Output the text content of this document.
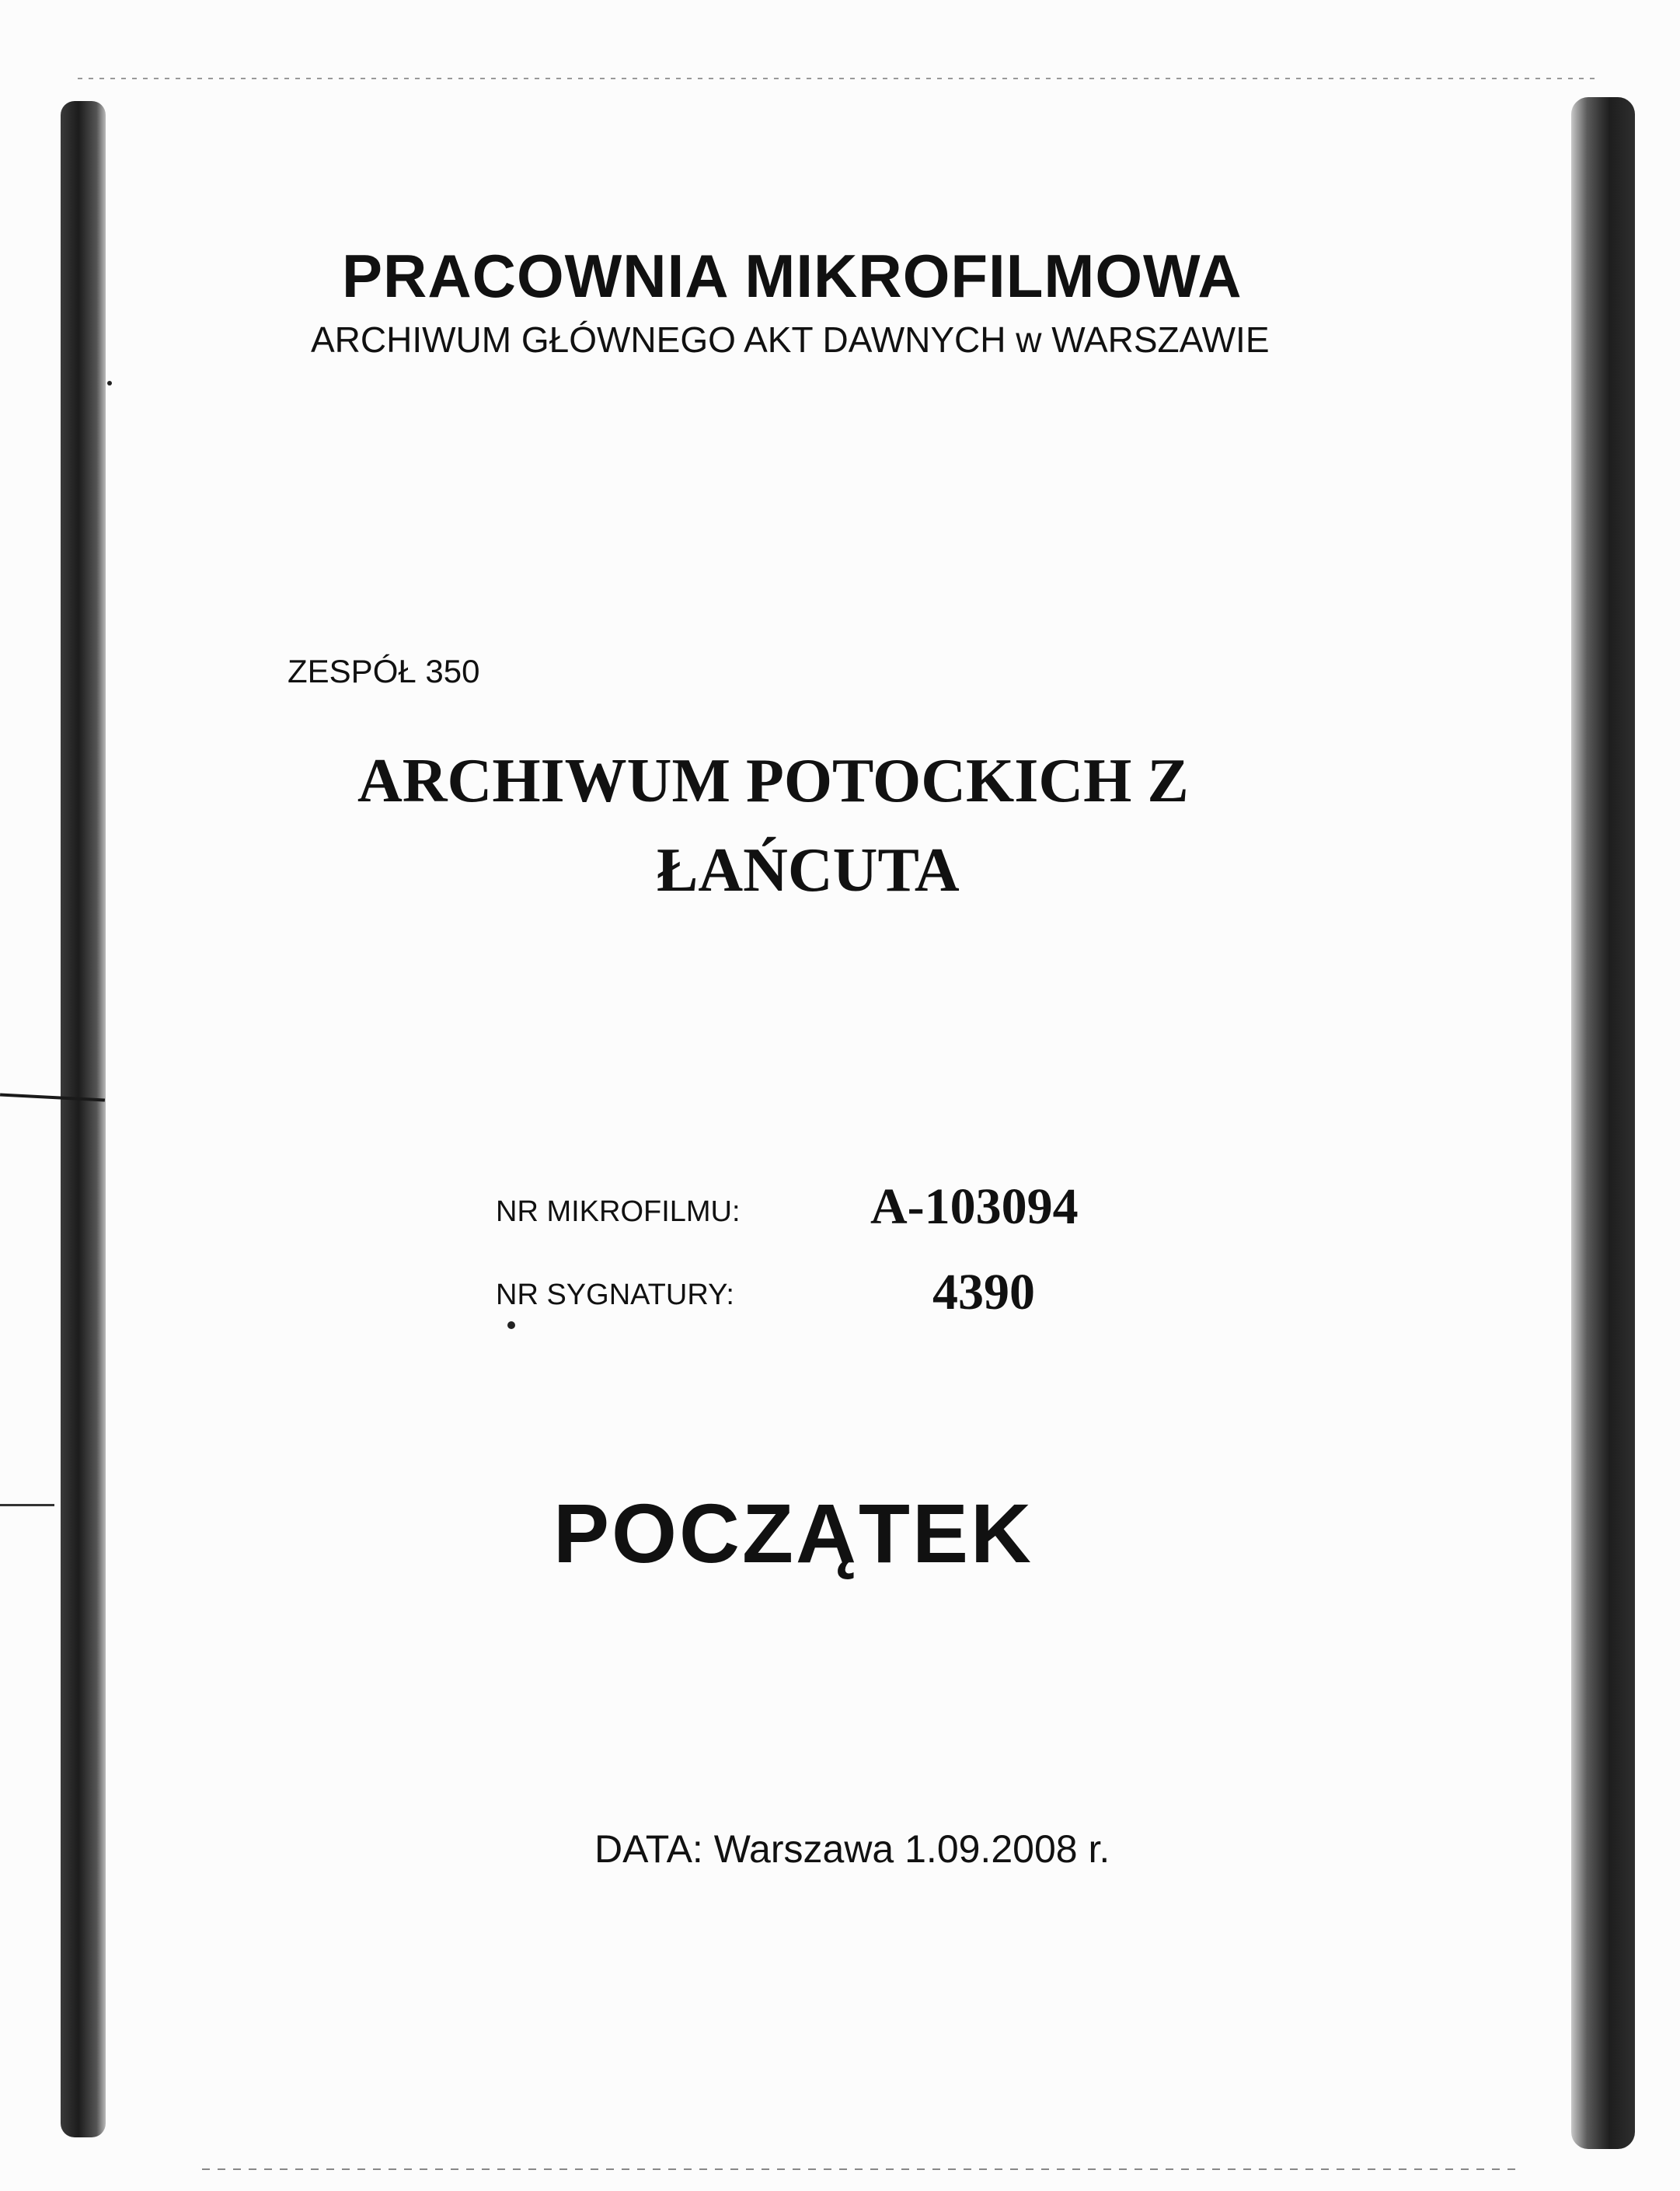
PRACOWNIA MIKROFILMOWA
ARCHIWUM GŁÓWNEGO AKT DAWNYCH w WARSZAWIE
ZESPÓŁ 350
ARCHIWUM POTOCKICH Z
ŁAŃCUTA
NR MIKROFILMU:	A-103094
NR SYGNATURY:	4390
POCZĄTEK
DATA: Warszawa 1.09.2008 r.
